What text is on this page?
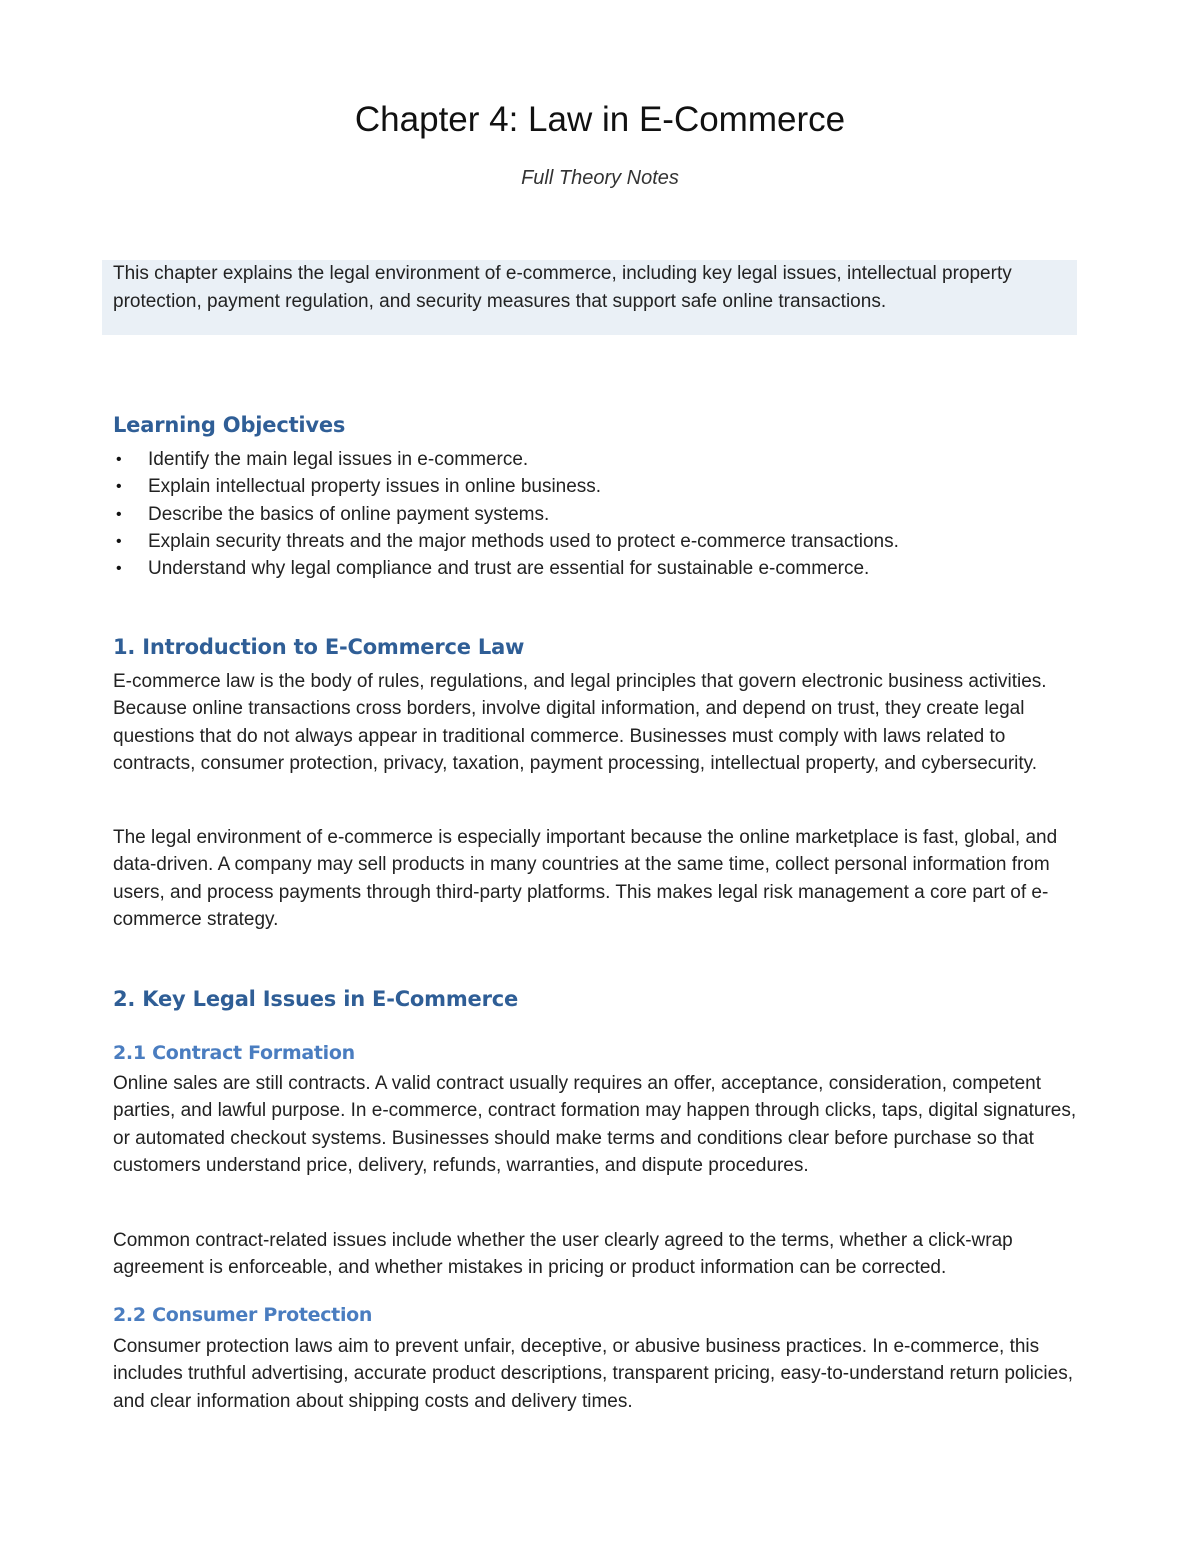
Chapter 4: Law in E-Commerce
Full Theory Notes

This chapter explains the legal environment of e-commerce, including key legal issues, intellectual property protection, payment regulation, and security measures that support safe online transactions.

Learning Objectives
• Identify the main legal issues in e-commerce.
• Explain intellectual property issues in online business.
• Describe the basics of online payment systems.
• Explain security threats and the major methods used to protect e-commerce transactions.
• Understand why legal compliance and trust are essential for sustainable e-commerce.
1. Introduction to E-Commerce Law

E-commerce law is the body of rules, regulations, and legal principles that govern electronic business activities. Because online transactions cross borders, involve digital information, and depend on trust, they create legal questions that do not always appear in traditional commerce. Businesses must comply with laws related to contracts, consumer protection, privacy, taxation, payment processing, intellectual property, and cybersecurity.

The legal environment of e-commerce is especially important because the online marketplace is fast, global, and data-driven. A company may sell products in many countries at the same time, collect personal information from users, and process payments through third-party platforms. This makes legal risk management a core part of e-commerce strategy.

2. Key Legal Issues in E-Commerce
2.1 Contract Formation

Online sales are still contracts. A valid contract usually requires an offer, acceptance, consideration, competent parties, and lawful purpose. In e-commerce, contract formation may happen through clicks, taps, digital signatures, or automated checkout systems. Businesses should make terms and conditions clear before purchase so that customers understand price, delivery, refunds, warranties, and dispute procedures.

Common contract-related issues include whether the user clearly agreed to the terms, whether a click-wrap agreement is enforceable, and whether mistakes in pricing or product information can be corrected.

2.2 Consumer Protection

Consumer protection laws aim to prevent unfair, deceptive, or abusive business practices. In e-commerce, this includes truthful advertising, accurate product descriptions, transparent pricing, easy-to-understand return policies, and clear information about shipping costs and delivery times.
